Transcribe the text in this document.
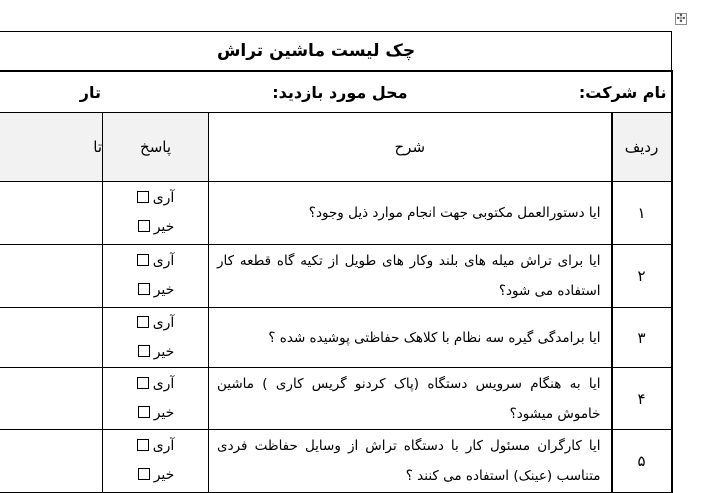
✣
چک لیست ماشین تراش			

نام شرکت:
محل مورد بازدید:
تار			

ردیف	شرح	پاسخ	تا
۱	ایا دستورالعمل مکتوبی جهت انجام موارد ذیل وجود؟	آری
خیر	

۲	ایا برای تراش میله های بلند وکار های طویل از تکیه گاه قطعه کار استفاده می شود؟	آری
خیر	

۳	ایا برامدگی گیره سه نظام با کلاهک حفاظتی پوشیده شده ؟	آری
خیر	

۴	ایا به هنگام سرویس دستگاه (پاک کردنو گریس کاری ) ماشین خاموش میشود؟	آری
خیر	

۵	ایا کارگران مسئول کار با دستگاه تراش از وسایل حفاظت فردی متناسب (عینک) استفاده می کنند ؟	آری
خیر	
